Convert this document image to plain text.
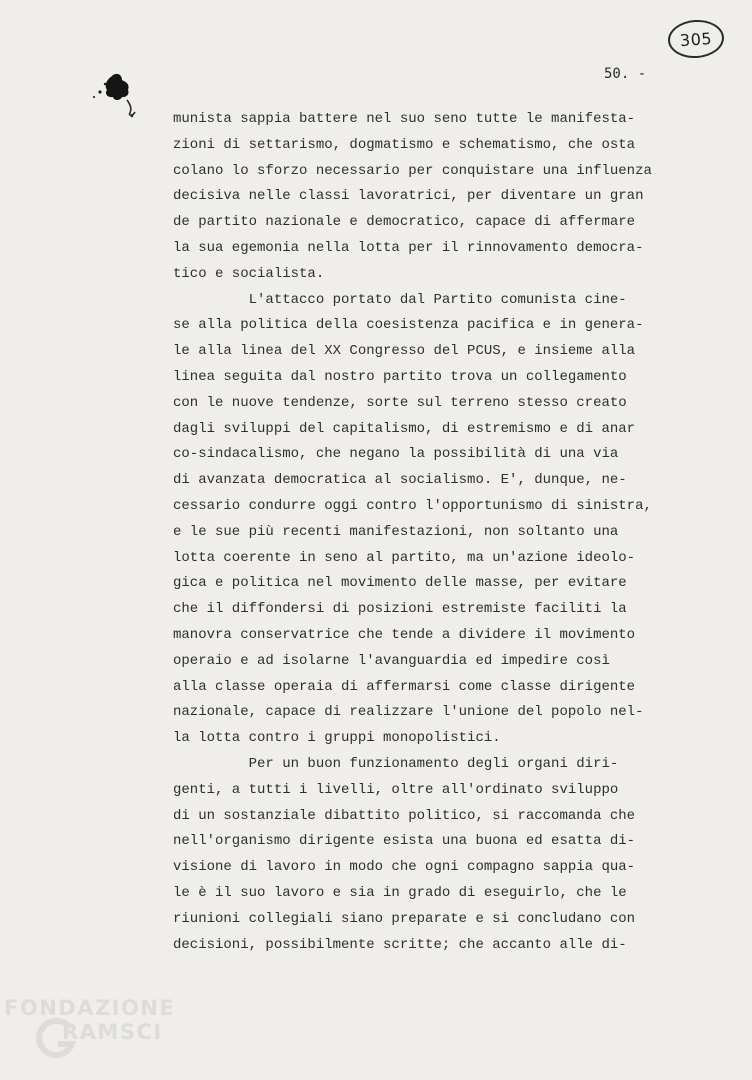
305
50. -
munista sappia battere nel suo seno tutte le manifesta-
zioni di settarismo, dogmatismo e schematismo, che osta
colano lo sforzo necessario per conquistare una influenza
decisiva nelle classi lavoratrici, per diventare un gran
de partito nazionale e democratico, capace di affermare
la sua egemonia nella lotta per il rinnovamento democra-
tico e socialista.
L'attacco portato dal Partito comunista cine-
se alla politica della coesistenza pacifica e in genera-
le alla linea del XX Congresso del PCUS, e insieme alla
linea seguita dal nostro partito trova un collegamento
con le nuove tendenze, sorte sul terreno stesso creato
dagli sviluppi del capitalismo, di estremismo e di anar
co-sindacalismo, che negano la possibilità di una via
di avanzata democratica al socialismo. E', dunque, ne-
cessario condurre oggi contro l'opportunismo di sinistra,
e le sue più recenti manifestazioni, non soltanto una
lotta coerente in seno al partito, ma un'azione ideolo-
gica e politica nel movimento delle masse, per evitare
che il diffondersi di posizioni estremiste faciliti la
manovra conservatrice che tende a dividere il movimento
operaio e ad isolarne l'avanguardia ed impedire così
alla classe operaia di affermarsi come classe dirigente
nazionale, capace di realizzare l'unione del popolo nel-
la lotta contro i gruppi monopolistici.
Per un buon funzionamento degli organi diri-
genti, a tutti i livelli, oltre all'ordinato sviluppo
di un sostanziale dibattito politico, si raccomanda che
nell'organismo dirigente esista una buona ed esatta di-
visione di lavoro in modo che ogni compagno sappia qua-
le è il suo lavoro e sia in grado di eseguirlo, che le
riunioni collegiali siano preparate e si concludano con
decisioni, possibilmente scritte; che accanto alle di-
FONDAZIONE
RAMSCI
